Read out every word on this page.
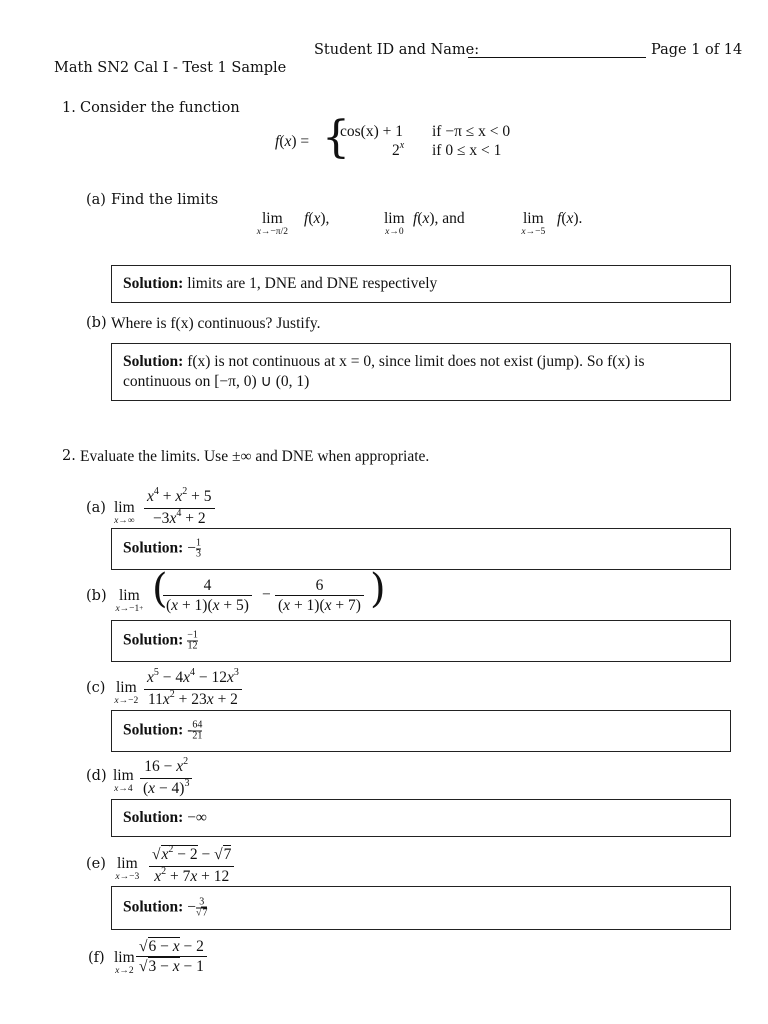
Student ID and Name:	Page 1 of 14
Math SN2 Cal I - Test 1 Sample
1. Consider the function
f(x) = {
cos(x) + 1 if −π ≤ x < 0
2$^x$ if 0 ≤ x < 1
(a) Find the limits
lim
x→−π/2
f(x),	lim
x→0
f(x), and	lim
x→−5
f(x).
Solution: limits are 1, DNE and DNE respectively
(b) Where is f(x) continuous? Justify.
Solution: f(x) is not continuous at x = 0, since limit does not exist (jump). So f(x) is
continuous on [−π, 0) ∪ (0, 1)
2. Evaluate the limits. Use ±∞ and DNE when appropriate.
(a) lim
$x\to\infty \frac{x^4 + x^2 + 5}{-3x^4 + 2}$
Solution: − $\frac{1}{3}$
(b) lim
x→−1+ (
$\frac{4}{(x + 1)(x + 5)} - \frac{6}{(x + 1)(x + 7)}$ )
Solution: $\frac{-1}{12}$
(c) lim
$x\to-2 \frac{x^5 - 4x^4 - 12x^3}{11x^2 + 23x + 2}$
Solution: - $\frac{64}{21}$
(d) lim
$x\to 4 \frac{16 - x^2}{(x - 4)^3}$
Solution: −∞
(e) lim
$x\to-3 \frac{√x^2 - 2 - √7}{x^2 + 7x + 12}$
Solution: − $\frac{3}{√7}$
(f) lim
$x\to 2 \frac{√6 - x - 2}{√3 - x - 1}$
